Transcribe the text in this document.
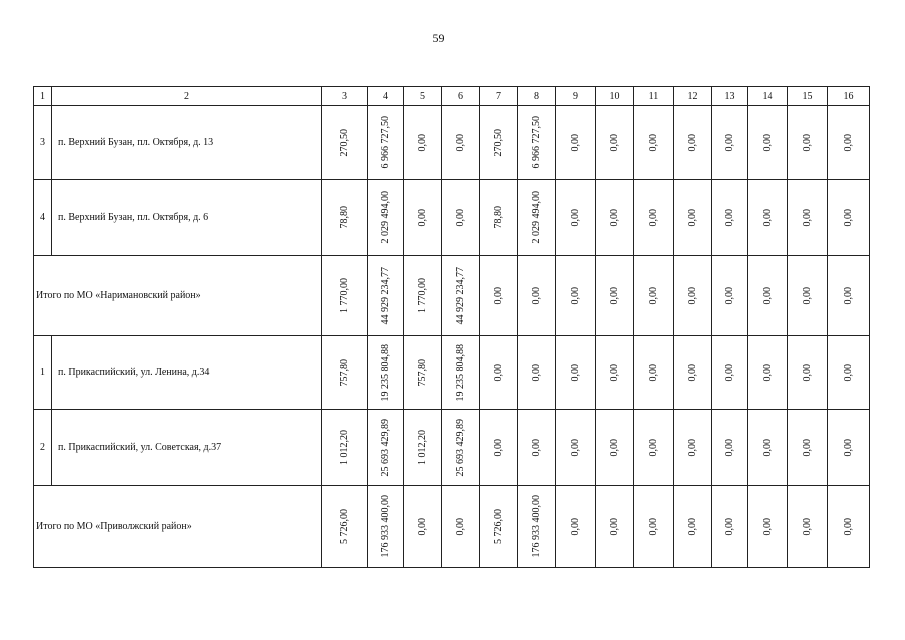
59
1	2	3	4	5	6	7	8	9	10	11	12	13	14	15	16
3	п. Верхний Бузан, пл. Октября, д. 13	270,50	6 966 727,50	0,00	0,00	270,50	6 966 727,50	0,00	0,00	0,00	0,00	0,00	0,00	0,00	0,00

4	п. Верхний Бузан, пл. Октября, д. 6	78,80	2 029 494,00	0,00	0,00	78,80	2 029 494,00	0,00	0,00	0,00	0,00	0,00	0,00	0,00	0,00

Итого по МО «Наримановский район»		1 770,00	44 929 234,77	1 770,00	44 929 234,77	0,00	0,00	0,00	0,00	0,00	0,00	0,00	0,00	0,00	0,00

1	п. Прикаспийский, ул. Ленина, д.34	757,80	19 235 804,88	757,80	19 235 804,88	0,00	0,00	0,00	0,00	0,00	0,00	0,00	0,00	0,00	0,00

2	п. Прикаспийский, ул. Советская, д.37	1 012,20	25 693 429,89	1 012,20	25 693 429,89	0,00	0,00	0,00	0,00	0,00	0,00	0,00	0,00	0,00	0,00

Итого по МО «Приволжский район»		5 726,00	176 933 400,00	0,00	0,00	5 726,00	176 933 400,00	0,00	0,00	0,00	0,00	0,00	0,00	0,00	0,00
